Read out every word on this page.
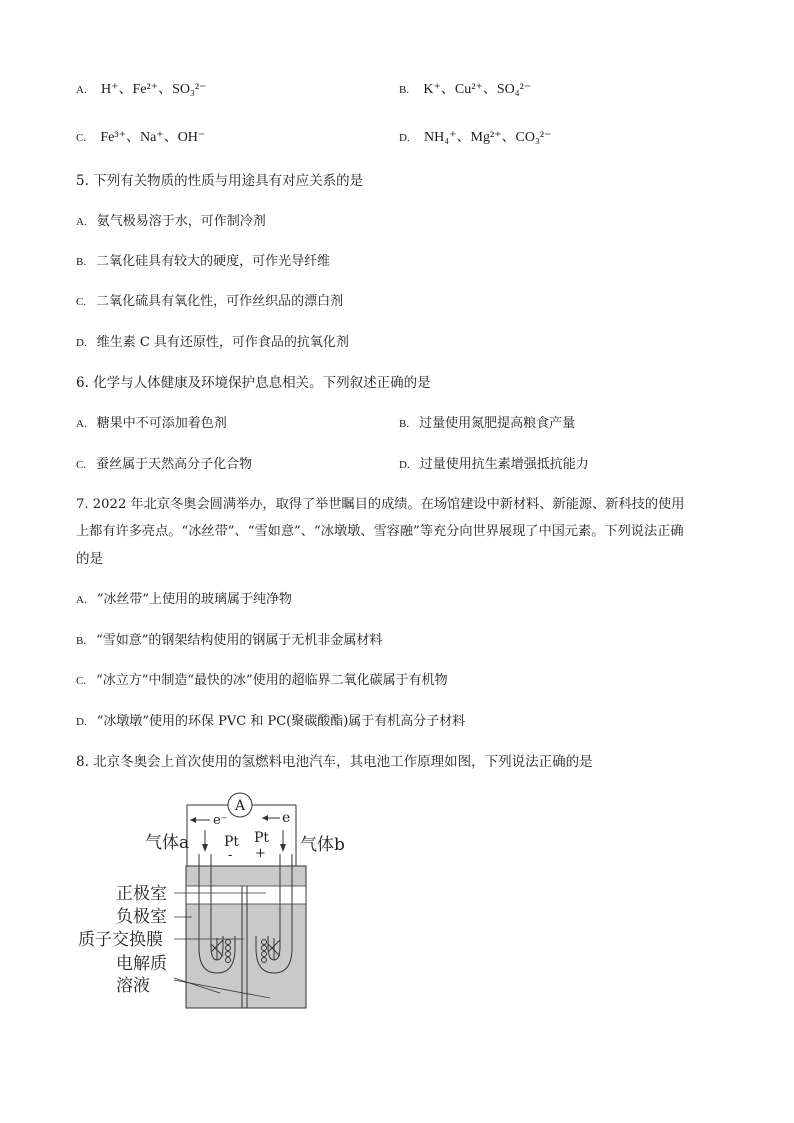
A. H⁺、Fe²⁺、SO₃²⁻	B. K⁺、Cu²⁺、SO₄²⁻
C. Fe³⁺、Na⁺、OH⁻	D. NH₄⁺、Mg²⁺、CO₃²⁻
5. 下列有关物质的性质与用途具有对应关系的是
A. 氨气极易溶于水，可作制冷剂
B. 二氧化硅具有较大的硬度，可作光导纤维
C. 二氧化硫具有氧化性，可作丝织品的漂白剂
D. 维生素 C 具有还原性，可作食品的抗氧化剂
6. 化学与人体健康及环境保护息息相关。下列叙述正确的是
A. 糖果中不可添加着色剂	B. 过量使用氮肥提高粮食产量
C. 蚕丝属于天然高分子化合物	D. 过量使用抗生素增强抵抗能力
7. 2022 年北京冬奥会圆满举办，取得了举世瞩目的成绩。在场馆建设中新材料、新能源、新科技的使用
上都有许多亮点。“冰丝带”、“雪如意”、“冰墩墩、雪容融”等充分向世界展现了中国元素。下列说法正确
的是
A. “冰丝带”上使用的玻璃属于纯净物
B. “雪如意”的钢架结构使用的钢属于无机非金属材料
C. “冰立方”中制造“最快的冰”使用的超临界二氧化碳属于有机物
D. “冰墩墩”使用的环保 PVC 和 PC(聚碳酸酯)属于有机高分子材料
8. 北京冬奥会上首次使用的氢燃料电池汽车，其电池工作原理如图，下列说法正确的是
A
e⁻	e
气体a	气体b
Pt
-
Pt
+
正极室
负极室
质子交换膜
电解质
溶液
